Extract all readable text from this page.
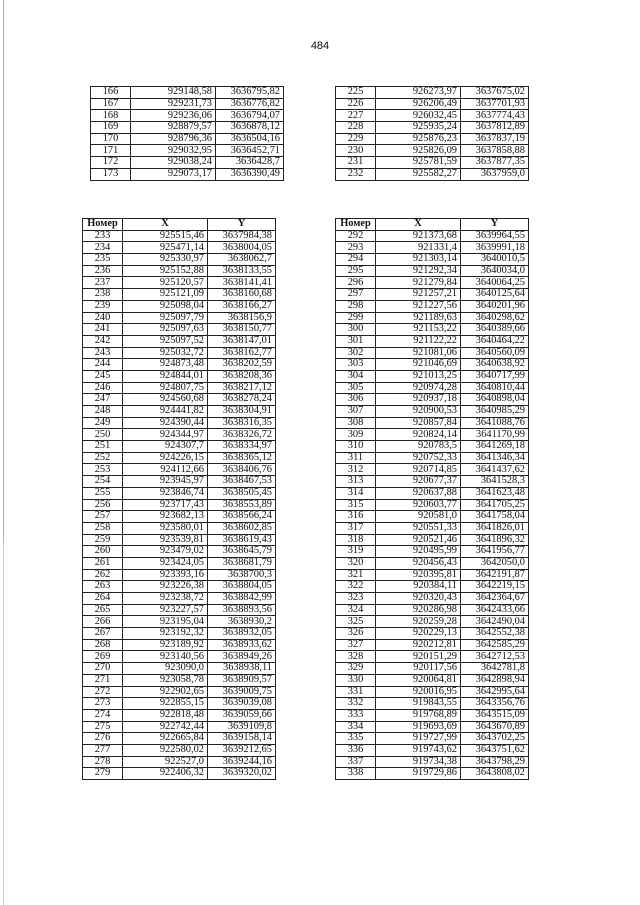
484
166	929148,58	3636795,82
167	929231,73	3636776,82
168	929236,06	3636794,07
169	928879,57	3636878,12
170	928796,36	3636504,16
171	929032,95	3636452,71
172	929038,24	3636428,7
173	929073,17	3636390,49
225	926273,97	3637675,02
226	926206,49	3637701,93
227	926032,45	3637774,43
228	925935,24	3637812,89
229	925876,23	3637837,19
230	925826,09	3637858,88
231	925781,59	3637877,35
232	925582,27	3637959,0
Номер	X	Y
233	925515,46	3637984,38
234	925471,14	3638004,05
235	925330,97	3638062,7
236	925152,88	3638133,55
237	925120,57	3638141,41
238	925121,09	3638160,68
239	925098,04	3638166,27
240	925097,79	3638156,9
241	925097,63	3638150,77
242	925097,52	3638147,01
243	925032,72	3638162,77
244	924873,48	3638202,59
245	924844,01	3638208,36
246	924807,75	3638217,12
247	924560,68	3638278,24
248	924441,82	3638304,91
249	924390,44	3638316,35
250	924344,97	3638326,72
251	924307,7	3638334,97
252	924226,15	3638365,12
253	924112,66	3638406,76
254	923945,97	3638467,53
255	923846,74	3638505,45
256	923717,43	3638553,89
257	923682,13	3638566,24
258	923580,01	3638602,85
259	923539,81	3638619,43
260	923479,02	3638645,79
261	923424,05	3638681,79
262	923393,16	3638700,3
263	923226,38	3638804,05
264	923238,72	3638842,99
265	923227,57	3638893,56
266	923195,04	3638930,2
267	923192,32	3638932,05
268	923189,92	3638933,62
269	923140,56	3638949,26
270	923090,0	3638938,11
271	923058,78	3638909,57
272	922902,65	3639009,75
273	922855,15	3639039,08
274	922818,48	3639059,66
275	922742,44	3639109,8
276	922665,84	3639158,14
277	922580,02	3639212,65
278	922527,0	3639244,16
279	922406,32	3639320,02
Номер	X	Y
292	921373,68	3639964,55
293	921331,4	3639991,18
294	921303,14	3640010,5
295	921292,34	3640034,0
296	921279,84	3640064,25
297	921257,21	3640125,64
298	921227,56	3640201,96
299	921189,63	3640298,62
300	921153,22	3640389,66
301	921122,22	3640464,22
302	921081,06	3640560,09
303	921046,69	3640638,92
304	921013,25	3640717,99
305	920974,28	3640810,44
306	920937,18	3640898,04
307	920900,53	3640985,29
308	920857,84	3641088,76
309	920824,14	3641170,99
310	920783,5	3641269,18
311	920752,33	3641346,34
312	920714,85	3641437,62
313	920677,37	3641528,3
314	920637,88	3641623,48
315	920603,77	3641705,25
316	920581,0	3641758,04
317	920551,33	3641826,01
318	920521,46	3641896,32
319	920495,99	3641956,77
320	920456,43	3642050,0
321	920395,81	3642191,87
322	920384,11	3642219,15
323	920320,43	3642364,67
324	920286,98	3642433,66
325	920259,28	3642490,04
326	920229,13	3642552,38
327	920212,81	3642585,29
328	920151,29	3642712,53
329	920117,56	3642781,8
330	920064,81	3642898,94
331	920016,95	3642995,64
332	919843,55	3643356,76
333	919768,89	3643515,09
334	919693,69	3643670,89
335	919727,99	3643702,25
336	919743,62	3643751,62
337	919734,38	3643798,29
338	919729,86	3643808,02
